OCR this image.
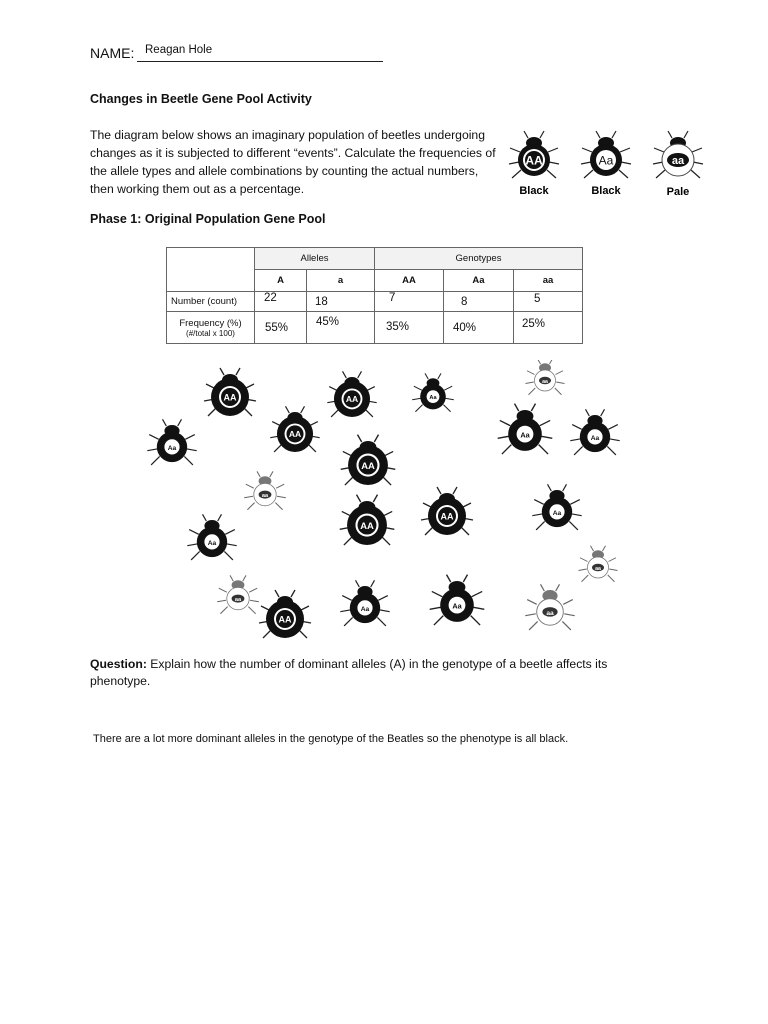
NAME: Reagan Hole
Changes in Beetle Gene Pool Activity
The diagram below shows an imaginary population of beetles undergoing changes as it is subjected to different “events”. Calculate the frequencies of the allele types and allele combinations by counting the actual numbers, then working them out as a percentage.
AA	Aa	aa
Black	Black	Pale
Phase 1: Original Population Gene Pool
	Alleles		Genotypes		
	A	a	AA	Aa	aa
Number (count)	22	18	7	8	5

Frequency (%)
(#/total x 100)	55%	45%	35%	40%	25%
AA	AA
AA
AA
AA
AA
AA
Aa
Aa
Aa
Aa
Aa
Aa
Aa	Aa
aa
aa
aa
aa
aa
Question: Explain how the number of dominant alleles (A) in the genotype of a beetle affects its phenotype.
There are a lot more dominant alleles in the genotype of the Beatles so the phenotype is all black.
